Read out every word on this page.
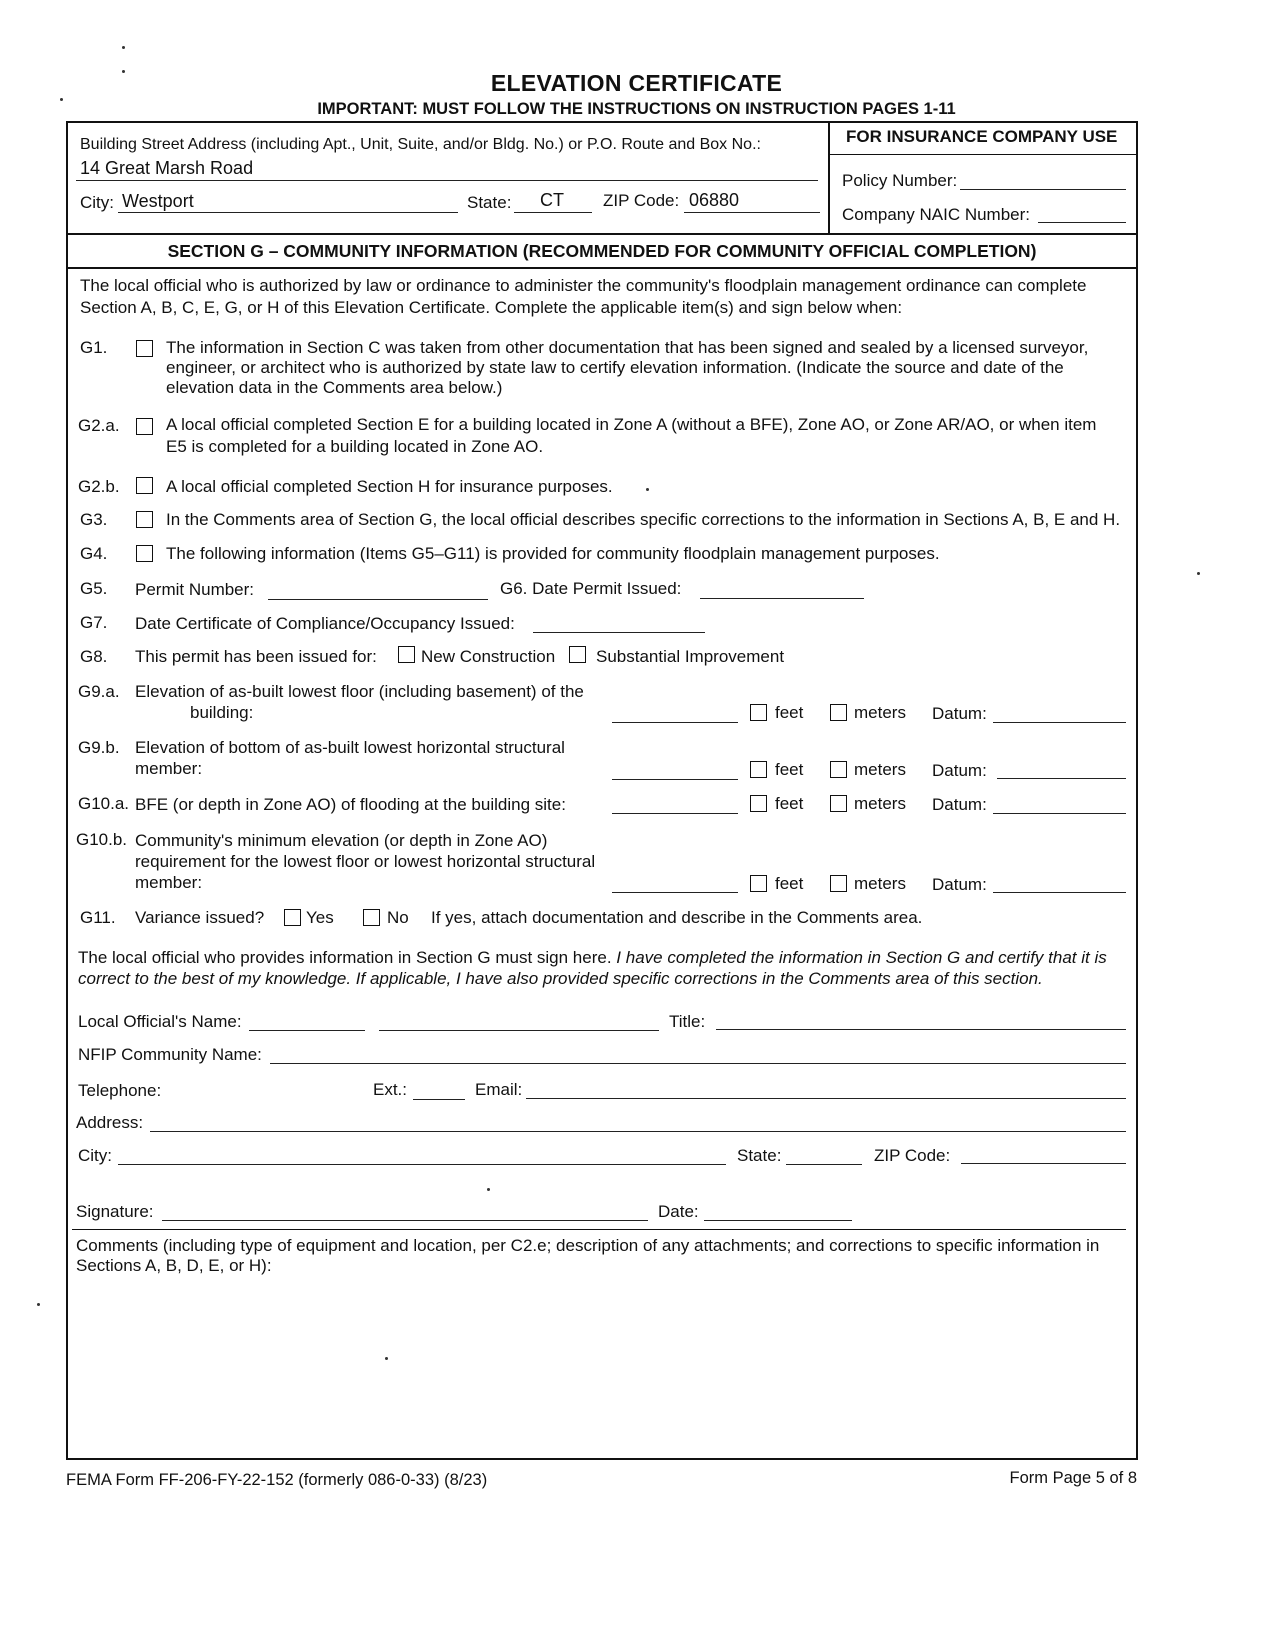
ELEVATION CERTIFICATE
IMPORTANT: MUST FOLLOW THE INSTRUCTIONS ON INSTRUCTION PAGES 1-11
Building Street Address (including Apt., Unit, Suite, and/or Bldg. No.) or P.O. Route and Box No.:
14 Great Marsh Road
City: Westport	State: CT ZIP Code: 06880
FOR INSURANCE COMPANY USE
Policy Number:
Company NAIC Number:
SECTION G – COMMUNITY INFORMATION (RECOMMENDED FOR COMMUNITY OFFICIAL COMPLETION)
The local official who is authorized by law or ordinance to administer the community's floodplain management ordinance can complete
Section A, B, C, E, G, or H of this Elevation Certificate. Complete the applicable item(s) and sign below when:
G1.	The information in Section C was taken from other documentation that has been signed and sealed by a licensed surveyor,
engineer, or architect who is authorized by state law to certify elevation information. (Indicate the source and date of the
elevation data in the Comments area below.)
G2.a.	A local official completed Section E for a building located in Zone A (without a BFE), Zone AO, or Zone AR/AO, or when item
E5 is completed for a building located in Zone AO.
G2.b.	A local official completed Section H for insurance purposes.
G3.	In the Comments area of Section G, the local official describes specific corrections to the information in Sections A, B, E and H.
G4.	The following information (Items G5–G11) is provided for community floodplain management purposes.
G5. Permit Number:	G6. Date Permit Issued:
G7. Date Certificate of Compliance/Occupancy Issued:
G8. This permit has been issued for:	New Construction Substantial Improvement
G9.a. Elevation of as-built lowest floor (including basement) of the
building:	feet	meters Datum:
G9.b. Elevation of bottom of as-built lowest horizontal structural
member:	feet	meters Datum:
G10.a. BFE (or depth in Zone AO) of flooding at the building site:	feet	meters Datum:
G10.b. Community's minimum elevation (or depth in Zone AO)
requirement for the lowest floor or lowest horizontal structural
member:	feet	meters Datum:
G11. Variance issued? Yes	No If yes, attach documentation and describe in the Comments area.
The local official who provides information in Section G must sign here. I have completed the information in Section G and certify that it is
correct to the best of my knowledge. If applicable, I have also provided specific corrections in the Comments area of this section.
Local Official's Name:	Title:
NFIP Community Name:
Telephone:	Ext.:	Email:
Address:
City:	State:	ZIP Code:
Signature:	Date:
Comments (including type of equipment and location, per C2.e; description of any attachments; and corrections to specific information in
Sections A, B, D, E, or H):
FEMA Form FF-206-FY-22-152 (formerly 086-0-33) (8/23)	Form Page 5 of 8
